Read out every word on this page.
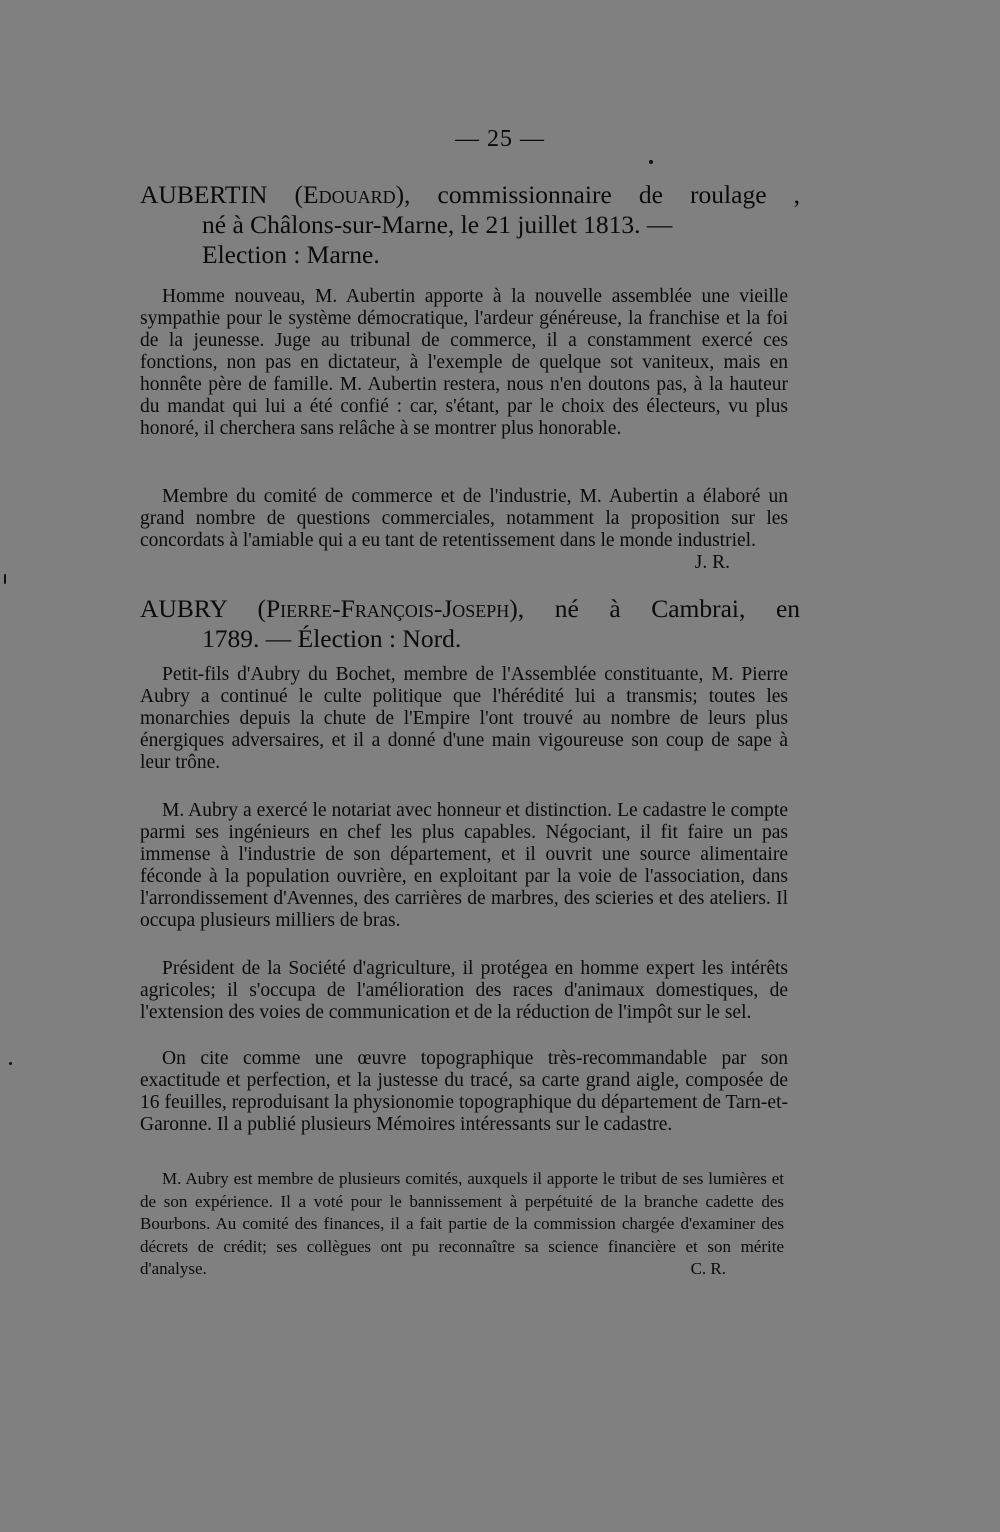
— 25 —
AUBERTIN (Edouard), commissionnaire de roulage ,
né à Châlons-sur-Marne, le 21 juillet 1813. —
Election : Marne.

Homme nouveau, M. Aubertin apporte à la nouvelle assemblée une vieille sympathie pour le système démocratique, l'ardeur généreuse, la franchise et la foi de la jeunesse. Juge au tribunal de commerce, il a constamment exercé ces fonctions, non pas en dictateur, à l'exemple de quelque sot vaniteux, mais en honnête père de famille. M. Aubertin restera, nous n'en doutons pas, à la hauteur du mandat qui lui a été confié : car, s'étant, par le choix des électeurs, vu plus honoré, il cherchera sans relâche à se montrer plus honorable.

Membre du comité de commerce et de l'industrie, M. Aubertin a élaboré un grand nombre de questions commerciales, notamment la proposition sur les concordats à l'amiable qui a eu tant de retentissement dans le monde industriel.
J. R.

AUBRY (Pierre-François-Joseph), né à Cambrai, en
1789. — Élection : Nord.

Petit-fils d'Aubry du Bochet, membre de l'Assemblée constituante, M. Pierre Aubry a continué le culte politique que l'hérédité lui a transmis; toutes les monarchies depuis la chute de l'Empire l'ont trouvé au nombre de leurs plus énergiques adversaires, et il a donné d'une main vigoureuse son coup de sape à leur trône.

M. Aubry a exercé le notariat avec honneur et distinction. Le cadastre le compte parmi ses ingénieurs en chef les plus capables. Négociant, il fit faire un pas immense à l'industrie de son département, et il ouvrit une source alimentaire féconde à la population ouvrière, en exploitant par la voie de l'association, dans l'arrondissement d'Avennes, des carrières de marbres, des scieries et des ateliers. Il occupa plusieurs milliers de bras.

Président de la Société d'agriculture, il protégea en homme expert les intérêts agricoles; il s'occupa de l'amélioration des races d'animaux domestiques, de l'extension des voies de communication et de la réduction de l'impôt sur le sel.

On cite comme une œuvre topographique très-recommandable par son exactitude et perfection, et la justesse du tracé, sa carte grand aigle, composée de 16 feuilles, reproduisant la physionomie topographique du département de Tarn-et-Garonne. Il a publié plusieurs Mémoires intéressants sur le cadastre.

M. Aubry est membre de plusieurs comités, auxquels il apporte le tribut de ses lumières et de son expérience. Il a voté pour le bannissement à perpétuité de la branche cadette des Bourbons. Au comité des finances, il a fait partie de la commission chargée d'examiner des décrets de crédit; ses collègues ont pu reconnaître sa science financière et son mérite d'analyse.	C. R.
